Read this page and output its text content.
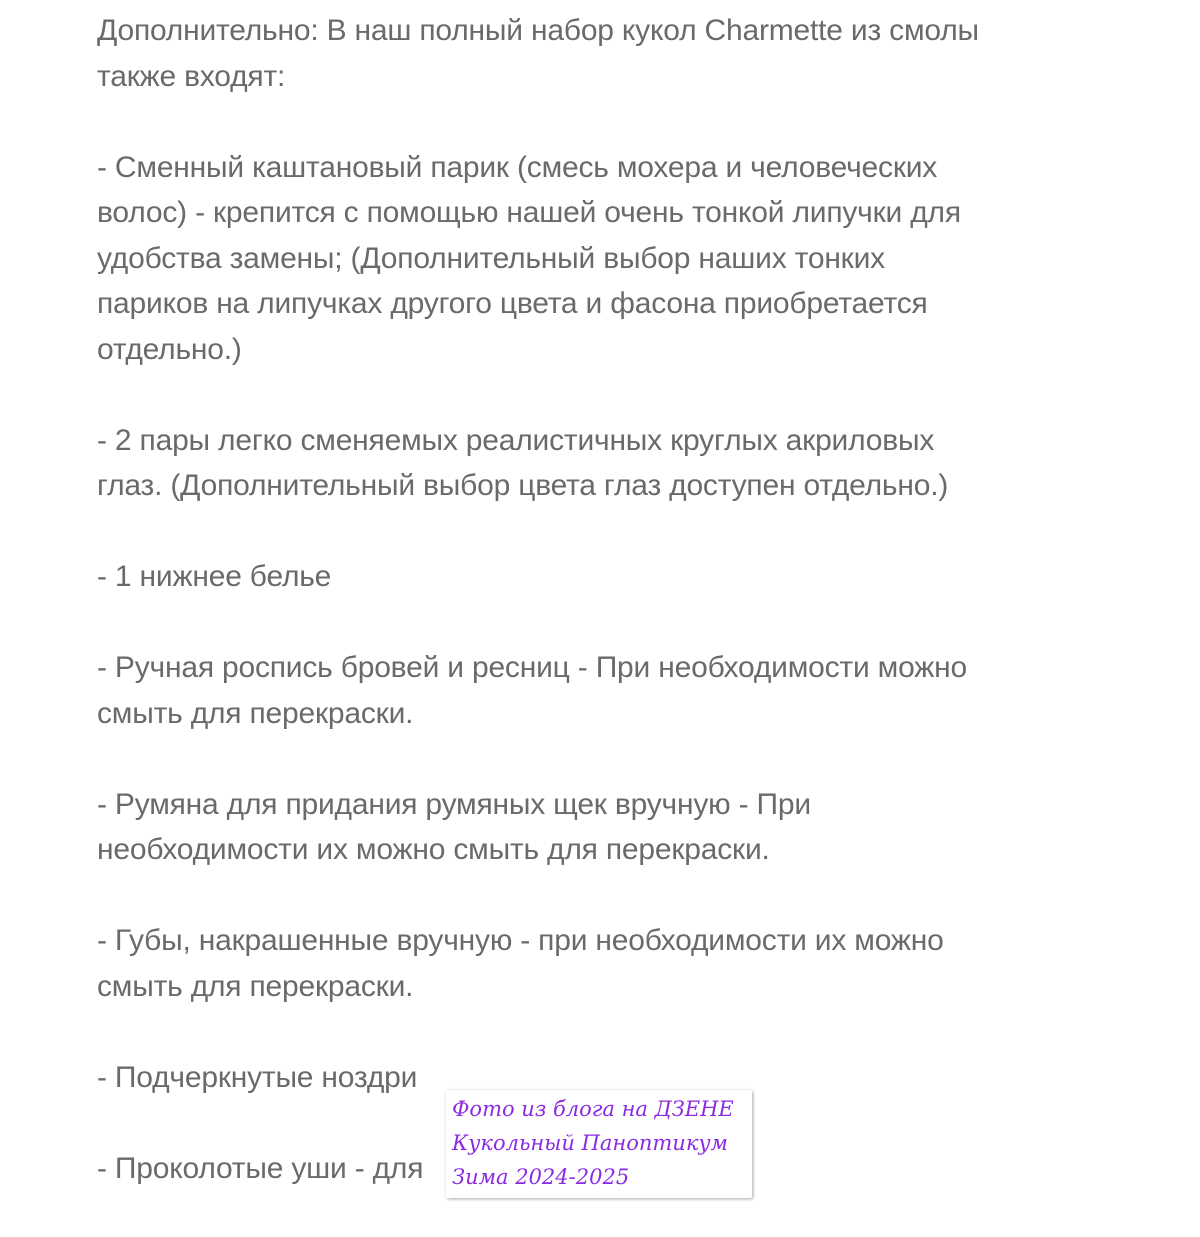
Дополнительно: В наш полный набор кукол Charmette из смолы
также входят:

- Сменный каштановый парик (смесь мохера и человеческих
волос) - крепится с помощью нашей очень тонкой липучки для
удобства замены; (Дополнительный выбор наших тонких
париков на липучках другого цвета и фасона приобретается
отдельно.)

- 2 пары легко сменяемых реалистичных круглых акриловых
глаз. (Дополнительный выбор цвета глаз доступен отдельно.)

- 1 нижнее белье

- Ручная роспись бровей и ресниц - При необходимости можно
смыть для перекраски.

- Румяна для придания румяных щек вручную - При
необходимости их можно смыть для перекраски.

- Губы, накрашенные вручную - при необходимости их можно
смыть для перекраски.

- Подчеркнутые ноздри

- Проколотые уши - для

Фото из блога на ДЗЕНЕ
Кукольный Паноптикум
Зима 2024-2025
